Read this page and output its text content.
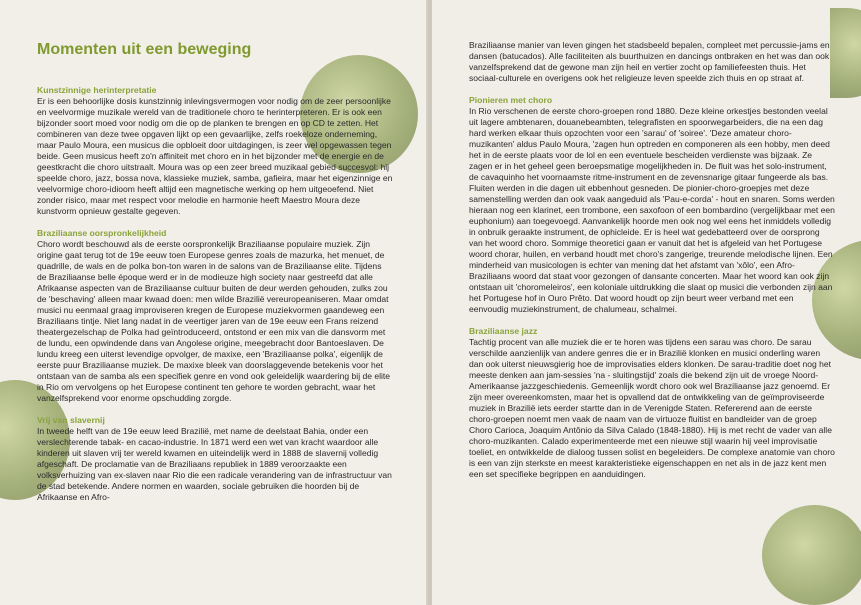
Momenten uit een beweging
Kunstzinnige herinterpretatie

Er is een behoorlijke dosis kunstzinnig inlevingsvermogen voor nodig om de zeer persoonlijke en veelvormige muzikale wereld van de traditionele choro te herinterpreteren. Er is ook een bijzonder soort moed voor nodig om die op de planken te brengen en op CD te zetten. Het combineren van deze twee opgaven lijkt op een gevaarlijke, zelfs roekeloze onderneming, maar Paulo Moura, een musicus die opbloeit door uitdagingen, is zeer wel opgewassen tegen beide. Geen musicus heeft zo'n affiniteit met choro en in het bijzonder met de energie en de geestkracht die choro uitstraalt. Moura was op een zeer breed muzikaal gebied succesvol: hij speelde choro, jazz, bossa nova, klassieke muziek, samba, gafieira, maar het eigenzinnige en veelvormige choro-idioom heeft altijd een magnetische werking op hem uitgeoefend. Niet zonder risico, maar met respect voor melodie en harmonie heeft Maestro Moura deze kunstvorm opnieuw gestalte gegeven.

Braziliaanse oorspronkelijkheid

Choro wordt beschouwd als de eerste oorspronkelijk Braziliaanse populaire muziek. Zijn origine gaat terug tot de 19e eeuw toen Europese genres zoals de mazurka, het menuet, de quadrille, de wals en de polka bon-ton waren in de salons van de Braziliaanse elite. Tijdens de Braziliaanse belle époque werd er in de modieuze high society naar gestreefd dat alle Afrikaanse aspecten van de Braziliaanse cultuur buiten de deur werden gehouden, zulks zou de 'beschaving' alleen maar kwaad doen: men wilde Brazilië vereuropeaniseren. Maar omdat musici nu eenmaal graag improviseren kregen de Europese muziekvormen gaandeweg een Braziliaans tintje. Niet lang nadat in de veertiger jaren van de 19e eeuw een Frans reizend theatergezelschap de Polka had geïntroduceerd, ontstond er een mix van die dansvorm met de lundu, een opwindende dans van Angolese origine, meegebracht door Bantoeslaven. De lundu kreeg een uiterst levendige opvolger, de maxixe, een 'Braziliaanse polka', eigenlijk de eerste puur Braziliaanse muziek. De maxixe bleek van doorslaggevende betekenis voor het ontstaan van de samba als een specifiek genre en vond ook geleidelijk waardering bij de elite in Rio om vervolgens op het Europese continent ten gehore te worden gebracht, waar het vanzelfsprekend voor enorme opschudding zorgde.

Vrij van slavernij

In tweede helft van de 19e eeuw leed Brazilië, met name de deelstaat Bahia, onder een verslechterende tabak- en cacao-industrie. In 1871 werd een wet van kracht waardoor alle kinderen uit slaven vrij ter wereld kwamen en uiteindelijk werd in 1888 de slavernij volledig afgeschaft. De proclamatie van de Braziliaans republiek in 1889 veroorzaakte een volksverhuizing van ex-slaven naar Rio die een radicale verandering van de infrastructuur van de stad betekende. Andere normen en waarden, sociale gebruiken die hoorden bij de Afrikaanse en Afro-

Braziliaanse manier van leven gingen het stadsbeeld bepalen, compleet met percussie-jams en dansen (batucados). Alle faciliteiten als buurthuizen en dancings ontbraken en het was dan ook vanzelfsprekend dat de gewone man zijn heil en vertier zocht op familiefeesten thuis. Het sociaal-culturele en overigens ook het religieuze leven speelde zich thuis en op straat af.

Pionieren met choro

In Rio verschenen de eerste choro-groepen rond 1880. Deze kleine orkestjes bestonden veelal uit lagere ambtenaren, douanebeambten, telegrafisten en spoorwegarbeiders, die na een dag hard werken elkaar thuis opzochten voor een 'sarau' of 'soiree'. 'Deze amateur choro-muzikanten' aldus Paulo Moura, 'zagen hun optreden en componeren als een hobby, men deed het in de eerste plaats voor de lol en een eventuele bescheiden verdienste was bijzaak. Ze zagen er in het geheel geen beroepsmatige mogelijkheden in. De fluit was het solo-instrument, de cavaquinho het voornaamste ritme-instrument en de zevensnarige gitaar fungeerde als bas. Fluiten werden in die dagen uit ebbenhout gesneden. De pionier-choro-groepjes met deze samenstelling werden dan ook vaak aangeduid als 'Pau-e-corda' - hout en snaren. Soms werden hieraan nog een klarinet, een trombone, een saxofoon of een bombardino (vergelijkbaar met een euphonium) aan toegevoegd. Aanvankelijk hoorde men ook nog wel eens het inmiddels volledig in onbruik geraakte instrument, de ophicleide. Er is heel wat gedebatteerd over de oorsprong van het woord choro. Sommige theoretici gaan er vanuit dat het is afgeleid van het Portugese woord chorar, huilen, en verband houdt met choro's zangerige, treurende melodische lijnen. Een minderheid van musicologen is echter van mening dat het afstamt van 'xôlo', een Afro-Braziliaans woord dat staat voor gezongen of dansante concerten. Maar het woord kan ook zijn ontstaan uit 'choromeleiros', een koloniale uitdrukking die slaat op musici die verbonden zijn aan het Portugese hof in Ouro Prêto. Dat woord houdt op zijn beurt weer verband met een eenvoudig muziekinstrument, de chalumeau, schalmei.

Braziliaanse jazz

Tachtig procent van alle muziek die er te horen was tijdens een sarau was choro. De sarau verschilde aanzienlijk van andere genres die er in Brazilië klonken en musici onderling waren dan ook uiterst nieuwsgierig hoe de improvisaties elders klonken. De sarau-traditie doet nog het meeste denken aan jam-sessies 'na - sluitingstijd' zoals die bekend zijn uit de vroege Noord-Amerikaanse jazzgeschiedenis. Gemeenlijk wordt choro ook wel Braziliaanse jazz genoemd. Er zijn meer overeenkomsten, maar het is opvallend dat de ontwikkeling van de geïmproviseerde muziek in Brazilië iets eerder startte dan in de Verenigde Staten. Refererend aan de eerste choro-groepen noemt men vaak de naam van de virtuoze fluitist en bandleider van de groep Choro Carioca, Joaquim Antônio da Silva Calado (1848-1880). Hij is met recht de vader van alle choro-muzikanten. Calado experimenteerde met een nieuwe stijl waarin hij veel improvisatie toeliet, en ontwikkelde de dialoog tussen solist en begeleiders. De complexe anatomie van choro is een van zijn sterkste en meest karakteristieke eigenschappen en net als in de jazz kent men een set specifieke begrippen en aanduidingen.
